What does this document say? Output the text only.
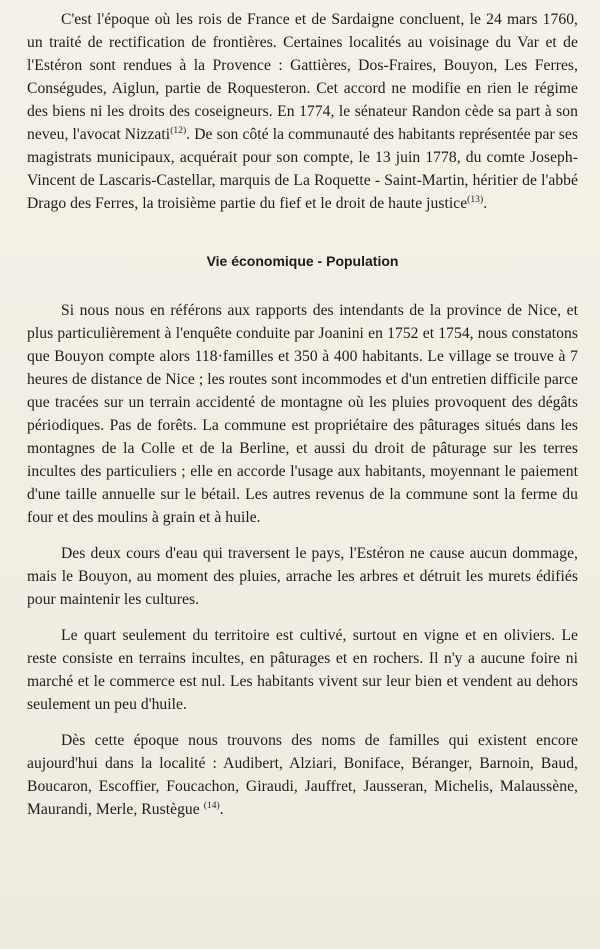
C'est l'époque où les rois de France et de Sardaigne concluent, le 24 mars 1760, un traité de rectification de frontières. Certaines localités au voisinage du Var et de l'Estéron sont rendues à la Provence : Gattières, Dos-Fraires, Bouyon, Les Ferres, Conségudes, Aiglun, partie de Roquesteron. Cet accord ne modifie en rien le régime des biens ni les droits des coseigneurs. En 1774, le sénateur Randon cède sa part à son neveu, l'avocat Nizzati$^{(12)}$. De son côté la communauté des habitants représentée par ses magistrats municipaux, acquérait pour son compte, le 13 juin 1778, du comte Joseph-Vincent de Lascaris-Castellar, marquis de La Roquette - Saint-Martin, héritier de l'abbé Drago des Ferres, la troisième partie du fief et le droit de haute justice$^{(13)}$.

Vie économique - Population

Si nous nous en référons aux rapports des intendants de la province de Nice, et plus particulièrement à l'enquête conduite par Joanini en 1752 et 1754, nous constatons que Bouyon compte alors 118·familles et 350 à 400 habitants. Le village se trouve à 7 heures de distance de Nice ; les routes sont incommodes et d'un entretien difficile parce que tracées sur un terrain accidenté de montagne où les pluies provoquent des dégâts périodiques. Pas de forêts. La commune est propriétaire des pâturages situés dans les montagnes de la Colle et de la Berline, et aussi du droit de pâturage sur les terres incultes des particuliers ; elle en accorde l'usage aux habitants, moyennant le paiement d'une taille annuelle sur le bétail. Les autres revenus de la commune sont la ferme du four et des moulins à grain et à huile.

Des deux cours d'eau qui traversent le pays, l'Estéron ne cause aucun dommage, mais le Bouyon, au moment des pluies, arrache les arbres et détruit les murets édifiés pour maintenir les cultures.

Le quart seulement du territoire est cultivé, surtout en vigne et en oliviers. Le reste consiste en terrains incultes, en pâturages et en rochers. Il n'y a aucune foire ni marché et le commerce est nul. Les habitants vivent sur leur bien et vendent au dehors seulement un peu d'huile.

Dès cette époque nous trouvons des noms de familles qui existent encore aujourd'hui dans la localité : Audibert, Alziari, Boniface, Béranger, Barnoin, Baud, Boucaron, Escoffier, Foucachon, Giraudi, Jauffret, Jausseran, Michelis, Malaussène, Maurandi, Merle, Rustègue $^{(14)}$.
